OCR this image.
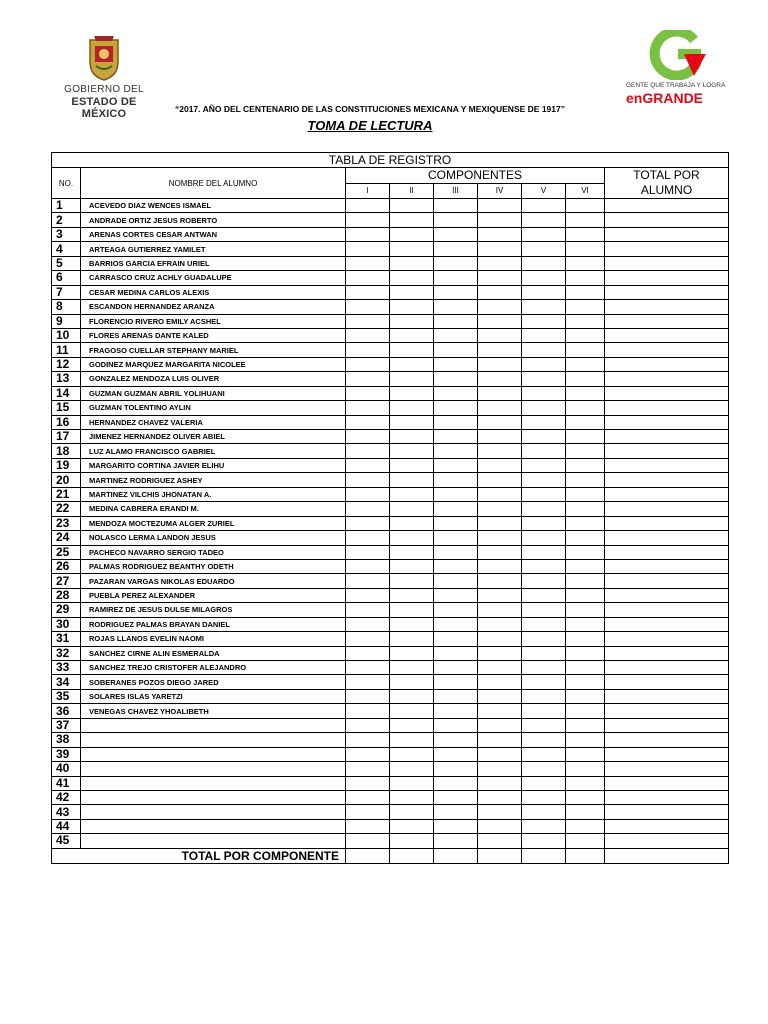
GOBIERNO DEL
ESTADO DE MÉXICO
GENTE QUE TRABAJA Y LOGRA
enGRANDE
“2017. AÑO DEL CENTENARIO DE LAS CONSTITUCIONES MEXICANA Y MEXIQUENSE DE 1917”
TOMA DE LECTURA
TABLA DE REGISTRO								
NO.	NOMBRE DEL ALUMNO	COMPONENTES						TOTAL POR
ALUMNO
		I	II	III	IV	V	VI	
1	ACEVEDO DIAZ WENCES ISMAEL							
2	ANDRADE ORTIZ JESUS ROBERTO							
3	ARENAS CORTES CESAR ANTWAN							
4	ARTEAGA GUTIERREZ YAMILET							
5	BARRIOS GARCIA EFRAIN URIEL							
6	CARRASCO CRUZ ACHLY GUADALUPE							
7	CESAR MEDINA CARLOS ALEXIS							
8	ESCANDON HERNANDEZ ARANZA							
9	FLORENCIO RIVERO EMILY ACSHEL							
10	FLORES ARENAS DANTE KALED							
11	FRAGOSO CUELLAR STEPHANY MARIEL							
12	GODINEZ MARQUEZ MARGARITA NICOLEE							
13	GONZALEZ MENDOZA LUIS OLIVER							
14	GUZMAN GUZMAN ABRIL YOLIHUANI							
15	GUZMAN TOLENTINO AYLIN							
16	HERNANDEZ CHAVEZ VALERIA							
17	JIMENEZ HERNANDEZ OLIVER ABIEL							
18	LUZ ALAMO FRANCISCO GABRIEL							
19	MARGARITO CORTINA JAVIER ELIHU							
20	MARTINEZ RODRIGUEZ ASHEY							
21	MARTINEZ VILCHIS JHONATAN A.							
22	MEDINA CABRERA ERANDI M.							
23	MENDOZA MOCTEZUMA ALGER ZURIEL							
24	NOLASCO LERMA LANDON JESUS							
25	PACHECO NAVARRO SERGIO TADEO							
26	PALMAS RODRIGUEZ BEANTHY ODETH							
27	PAZARAN VARGAS NIKOLAS EDUARDO							
28	PUEBLA PEREZ ALEXANDER							
29	RAMIREZ DE JESUS DULSE MILAGROS							
30	RODRIGUEZ PALMAS BRAYAN DANIEL							
31	ROJAS LLANOS EVELIN NAOMI							
32	SANCHEZ CIRNE ALIN ESMERALDA							
33	SANCHEZ TREJO CRISTOFER ALEJANDRO							
34	SOBERANES POZOS DIEGO JARED							
35	SOLARES ISLAS YARETZI							
36	VENEGAS CHAVEZ YHOALIBETH							
37								
38								
39								
40								
41								
42								
43								
44								
45								
TOTAL POR COMPONENTE								
